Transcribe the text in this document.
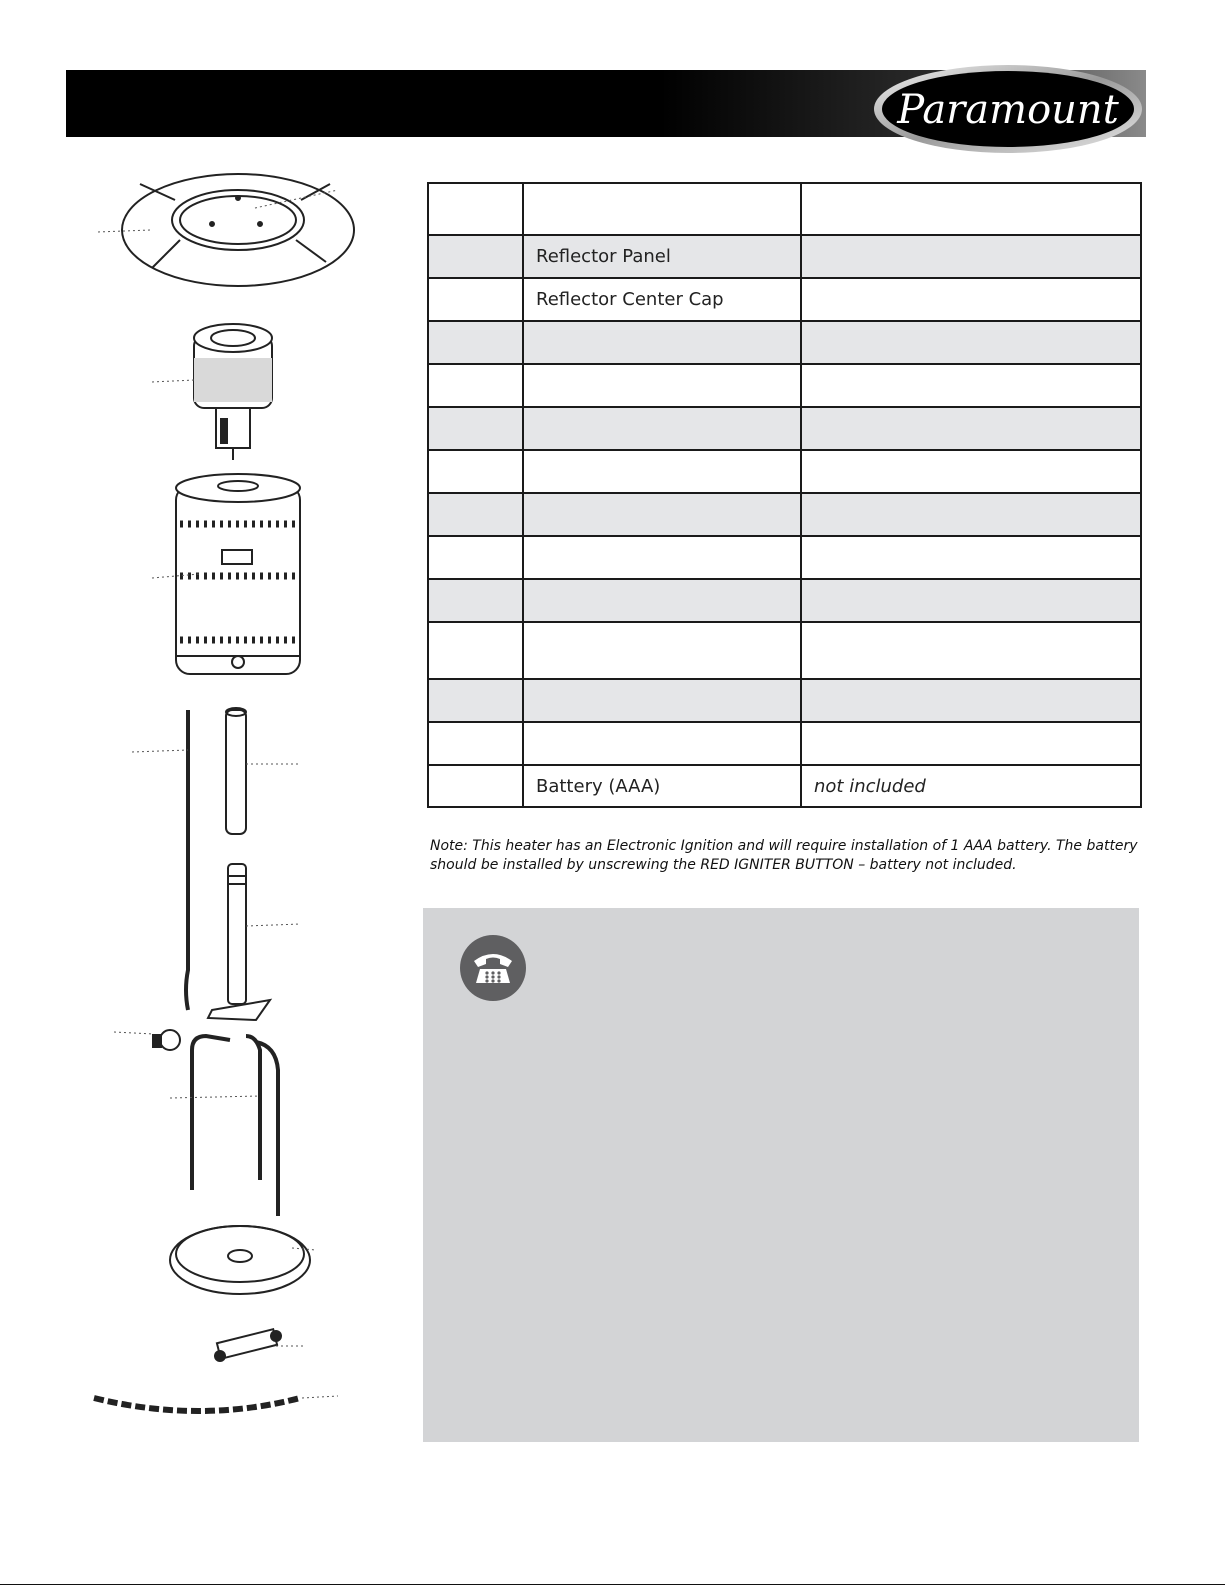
Paramount

	Reflector Panel	
	Reflector Center Cap	

	Battery (AAA)	not included
Note: This heater has an Electronic Ignition and will require installation of 1 AAA battery. The battery should be installed by unscrewing the RED IGNITER BUTTON – battery not included.
